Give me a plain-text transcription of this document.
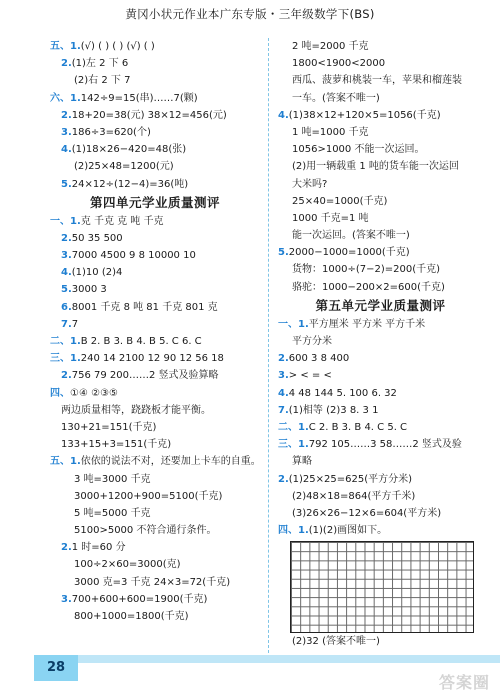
黄冈小状元作业本广东专版・三年级数学下(BS)
五、1.(√) ( ) ( ) (√) ( )
2.(1)左 2 下 6
(2)右 2 下 7
六、1.142÷9=15(串)……7(颗)
2.18+20=38(元) 38×12=456(元)
3.186÷3=620(个)
4.(1)18×26−420=48(张)
(2)25×48=1200(元)
5.24×12÷(12−4)=36(吨)
第四单元学业质量测评
一、1.克 千克 克 吨 千克
2.50 35 500
3.7000 4500 9 8 10000 10
4.(1)10 (2)4
5.3000 3
6.8001 千克 8 吨 81 千克 801 克
7.7
二、1.B 2. B 3. B 4. B 5. C 6. C
三、1.240 14 2100 12 90 12 56 18
2.756 79 200……2 竖式及验算略
四、①④ ②③⑤
两边质量相等，跷跷板才能平衡。
130+21=151(千克)
133+15+3=151(千克)
五、1.依依的说法不对，还要加上卡车的自重。
3 吨=3000 千克
3000+1200+900=5100(千克)
5 吨=5000 千克
5100>5000 不符合通行条件。
2.1 时=60 分
100÷2×60=3000(克)
3000 克=3 千克 24×3=72(千克)
3.700+600+600=1900(千克)
800+1000=1800(千克)
2 吨=2000 千克
1800<1900<2000
西瓜、菠萝和桃装一车，苹果和榴莲装
一车。(答案不唯一)
4.(1)38×12+120×5=1056(千克)
1 吨=1000 千克
1056>1000 不能一次运回。
(2)用一辆载重 1 吨的货车能一次运回
大米吗?
25×40=1000(千克)
1000 千克=1 吨
能一次运回。(答案不唯一)
5.2000−1000=1000(千克)
货物：1000÷(7−2)=200(千克)
骆驼：1000−200×2=600(千克)
第五单元学业质量测评
一、1.平方厘米 平方米 平方千米
平方分米
2.600 3 8 400
3.> < = <
4.4 48 144 5. 100 6. 32
7.(1)相等 (2)3 8. 3 1
二、1.C 2. B 3. B 4. C 5. C
三、1.792 105……3 58……2 竖式及验
算略
2.(1)25×25=625(平方分米)
(2)48×18=864(平方千米)
(3)26×26−12×6=604(平方米)
四、1.(1)(2)画图如下。
(2)32 (答案不唯一)
28
答案圈
